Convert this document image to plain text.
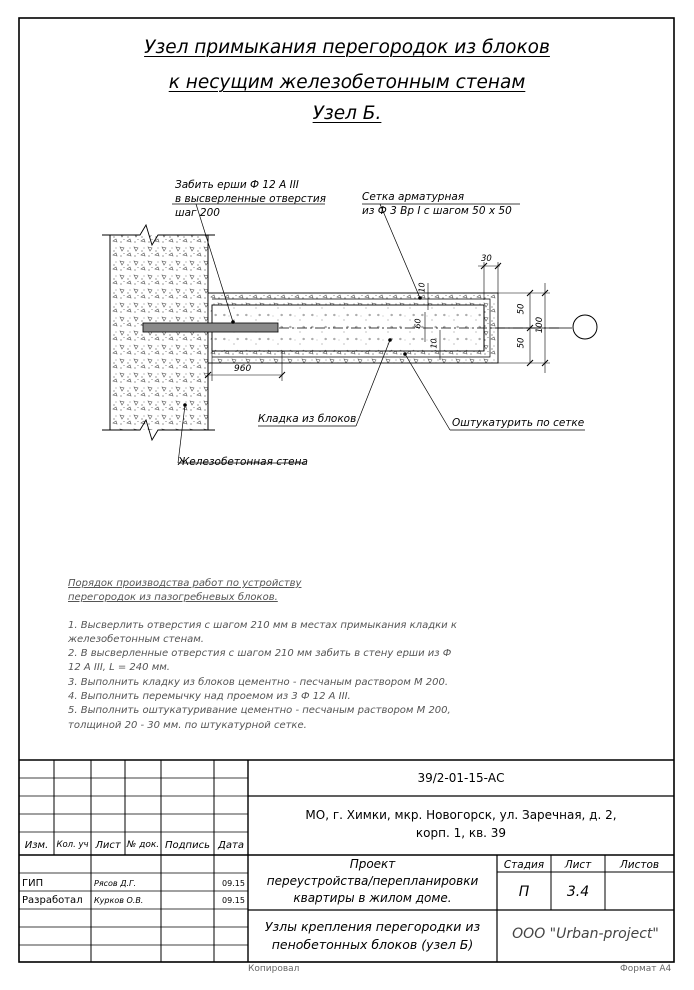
Узел примыкания перегородок из блоков
к несущим железобетонным стенам
Узел Б.
Забить ерши Ф 12 А III
в высверленные отверстия
шаг 200
Сетка арматурная
из Ф 3 Вр I с шагом 50 х 50
Кладка из блоков	Оштукатурить по сетке
Железобетонная стена
30
10
50
50
100
10
60
960
Порядок производства работ по устройству
перегородок из пазогребневых блоков.
1. Высверлить отверстия с шагом 210 мм в местах примыкания кладки к
железобетонным стенам.
2. В высверленные отверстия с шагом 210 мм забить в стену ерши из Ф
12 А III, L = 240 мм.
3. Выполнить кладку из блоков цементно - песчаным раствором М 200.
4. Выполнить перемычку над проемом из 3 Ф 12 А III.
5. Выполнить оштукатуривание цементно - песчаным раствором М 200,
толщиной 20 - 30 мм. по штукатурной сетке.
39/2-01-15-АС
МО, г. Химки, мкр. Новогорск, ул. Заречная, д. 2,
корп. 1, кв. 39
Изм. Кол. уч Лист № док. Подпись Дата
ГИП	Рясов Д.Г.	09.15
Разработал Курков О.В.	09.15
Проект
переустройства/перепланировки
квартиры в жилом доме.
Стадия	Лист	Листов
П	3.4
Узлы крепления перегородки из
пенобетонных блоков (узел Б)
ООО "Urban-project"
Копировал	Формат А4
